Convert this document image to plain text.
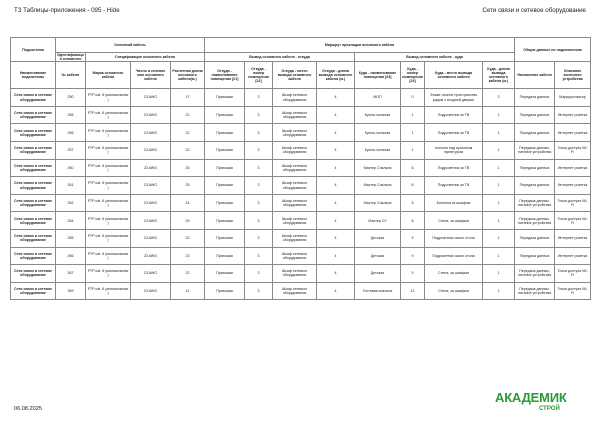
ТЗ Таблицы-приложения - 095 - Hide	Сети связи и сетевое оборудование
Подсистема	Основной кабель				Маршрут прокладки основного кабеля								Общие данные по подключению	
	Идентификация основного	Спецификация основного кабеля			Вывод основного кабеля - откуда				Вывод основного кабеля - куда					

Наименование подсистемы	№ кабеля	Марка основного кабеля	Число и сечение жил основного кабеля	Расчетная длина основного кабеля(м.)	Откуда - наименование помещения [21]	Откуда - номер помещения [22]	Откуда - место вывода основного кабеля	Откуда - длина вывода основного кабеля (м.)	Куда - наименование помещения [23]	Куда - номер помещения [24]	Куда - место вывода основного кабеля	Куда - длина вывода основного кабеля (м.)	Назначение кабеля	Описание конечного устройства
Сети связи и сетевое оборудование	250	FTP cat. 6 (монокольная )	23 AWG	17	Прихожая	3	Шкаф сетевого оборудования	4	МОП	0	Этаже-лочное пространство рядом с входной дверью	3	Передача данных	Маршрутизатор
Сети связи и сетевое оборудование	255	FTP cat. 6 (монокольная )	23 AWG	22	Прихожая	3	Шкаф сетевого оборудования	4	Кухня-гостиная	1	Подрозетник за ТВ	1	Передача данных	Интернет розетка
Сети связи и сетевое оборудование	256	FTP cat. 6 (монокольная )	23 AWG	22	Прихожая	3	Шкаф сетевого оборудования	4	Кухня-гостиная	1	Подрозетник за ТВ	1	Передача данных	Интернет розетка
Сети связи и сетевое оборудование	257	FTP cat. 6 (монокольная )	23 AWG	22	Прихожая	3	Шкаф сетевого оборудования	4	Кухня-гостиная	1	потолок над кухонным гарнитуром	1	Передача данных, питание устройства	Точка доступа Wi-Fi
Сети связи и сетевое оборудование	260	FTP cat. 6 (монокольная )	23 AWG	25	Прихожая	3	Шкаф сетевого оборудования	4	Мастер Спальня	6	Подрозетник за ТВ	1	Передача данных	Интернет розетка
Сети связи и сетевое оборудование	261	FTP cat. 6 (монокольная )	23 AWG	25	Прихожая	3	Шкаф сетевого оборудования	4	Мастер Спальня	6	Подрозетник за ТВ	1	Передача данных	Интернет розетка
Сети связи и сетевое оборудование	262	FTP cat. 6 (монокольная )	23 AWG	24	Прихожая	3	Шкаф сетевого оборудования	4	Мастер Спальня	6	Колонна за шкафом	1	Передача данных, питание устройства	Точка доступа Wi-Fi
Сети связи и сетевое оборудование	264	FTP cat. 6 (монокольная )	23 AWG	29	Прихожая	3	Шкаф сетевого оборудования	4	Мастер СУ	8	Стена, за шкафом	1	Передача данных, питание устройства	Точка доступа Wi-Fi
Сети связи и сетевое оборудование	265	FTP cat. 6 (монокольная )	23 AWG	22	Прихожая	3	Шкаф сетевого оборудования	4	Детская	9	Подрозетник около стола	1	Передача данных	Интернет розетка
Сети связи и сетевое оборудование	266	FTP cat. 6 (монокольная )	23 AWG	23	Прихожая	3	Шкаф сетевого оборудования	4	Детская	9	Подрозетник около стола	1	Передача данных	Интернет розетка
Сети связи и сетевое оборудование	267	FTP cat. 6 (монокольная )	23 AWG	22	Прихожая	3	Шкаф сетевого оборудования	4	Детская	9	Стена, за шкафом	1	Передача данных, питание устройства	Точка доступа Wi-Fi
Сети связи и сетевое оборудование	269	FTP cat. 6 (монокольная )	23 AWG	11	Прихожая	3	Шкаф сетевого оборудования	4	Гостевая спальня	12	Стена, за шкафом	1	Передача данных, питание устройства	Точка доступа Wi-Fi
06.08.2025
АКАДЕМИК
СТРОЙ
